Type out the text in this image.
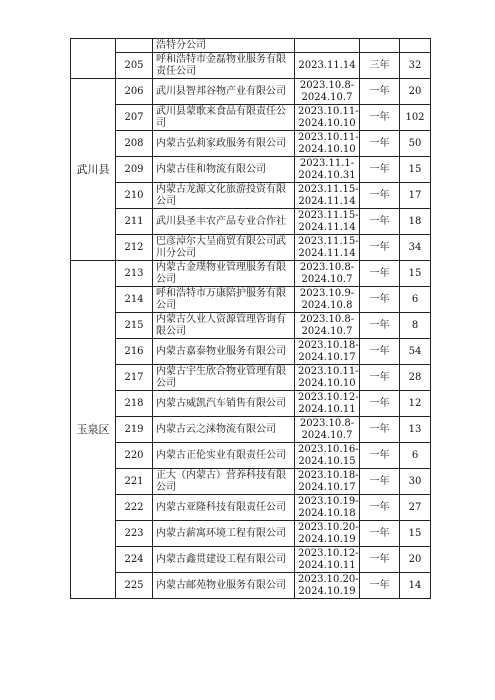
		浩特分公司			
	205	呼和浩特市金磊物业服务有限责任公司	2023.11.14	三年	32
武川县	206	武川县智邦谷物产业有限公司	2023.10.8-2024.10.7	一年	20
	207	武川县蒙歌来食品有限责任公司	2023.10.11-2024.10.10	一年	102
	208	内蒙古弘莉家政服务有限公司	2023.10.11-2024.10.10	一年	50
	209	内蒙古佳和物流有限公司	2023.11.1-2024.10.31	一年	15
	210	内蒙古龙源文化旅游投资有限公司	2023.11.15-2024.11.14	一年	17
	211	武川县圣丰农产品专业合作社	2023.11.15-2024.11.14	一年	18
	212	巴彦淖尔大呈商贸有限公司武川分公司	2023.11.15-2024.11.14	一年	34
玉泉区	213	内蒙古金璞物业管理服务有限公司	2023.10.8-2024.10.7	一年	15
	214	呼和浩特市万康陪护服务有限公司	2023.10.9-2024.10.8	一年	6
	215	内蒙古久业人资源管理咨询有限公司	2023.10.8-2024.10.7	一年	8
	216	内蒙古嘉泰物业服务有限公司	2023.10.18-2024.10.17	一年	54
	217	内蒙古宇生欣合物业管理有限公司	2023.10.11-2024.10.10	一年	28
	218	内蒙古威凯汽车销售有限公司	2023.10.12-2024.10.11	一年	12
	219	内蒙古云之涞物流有限公司	2023.10.8-2024.10.7	一年	13
	220	内蒙古正伦实业有限责任公司	2023.10.16-2024.10.15	一年	6
	221	正大（内蒙古）营养科技有限公司	2023.10.18-2024.10.17	一年	30
	222	内蒙古亚隆科技有限责任公司	2023.10.19-2024.10.18	一年	27
	223	内蒙古薪寓环境工程有限公司	2023.10.20-2024.10.19	一年	15
	224	内蒙古鑫贯建设工程有限公司	2023.10.12-2024.10.11	一年	20
	225	内蒙古邮苑物业服务有限公司	2023.10.20-2024.10.19	一年	14
